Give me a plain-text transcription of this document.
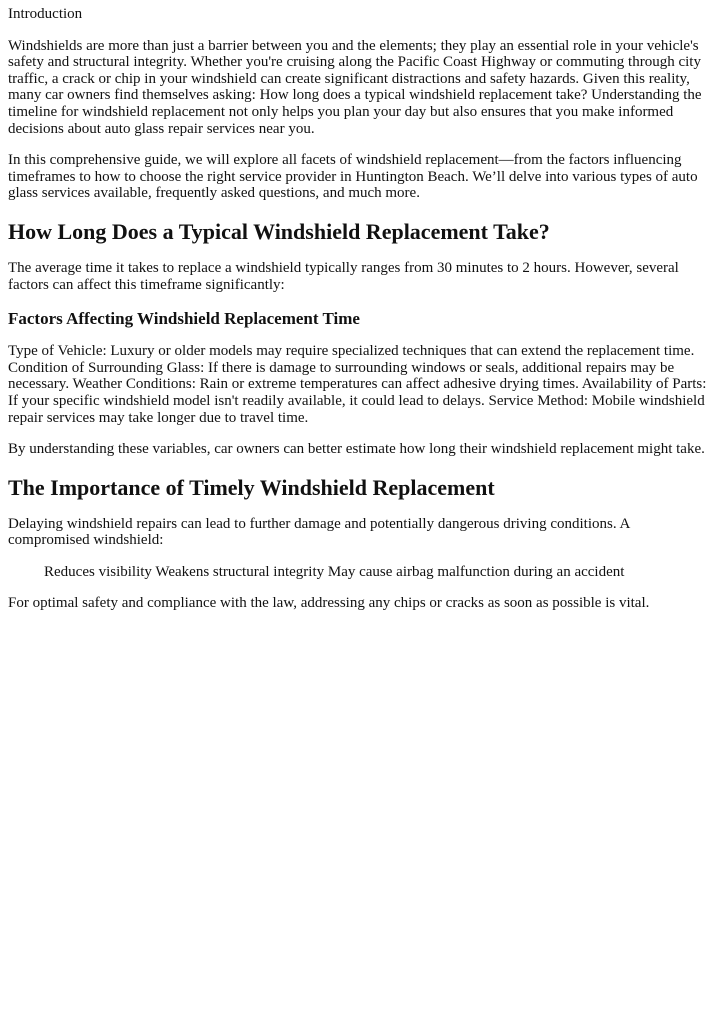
Introduction

Windshields are more than just a barrier between you and the elements; they play an essential role in your vehicle's safety and structural integrity. Whether you're cruising along the Pacific Coast Highway or commuting through city traffic, a crack or chip in your windshield can create significant distractions and safety hazards. Given this reality, many car owners find themselves asking: How long does a typical windshield replacement take? Understanding the timeline for windshield replacement not only helps you plan your day but also ensures that you make informed decisions about auto glass repair services near you.

In this comprehensive guide, we will explore all facets of windshield replacement—from the factors influencing timeframes to how to choose the right service provider in Huntington Beach. We’ll delve into various types of auto glass services available, frequently asked questions, and much more.

How Long Does a Typical Windshield Replacement Take?

The average time it takes to replace a windshield typically ranges from 30 minutes to 2 hours. However, several factors can affect this timeframe significantly:

Factors Affecting Windshield Replacement Time

Type of Vehicle: Luxury or older models may require specialized techniques that can extend the replacement time. Condition of Surrounding Glass: If there is damage to surrounding windows or seals, additional repairs may be necessary. Weather Conditions: Rain or extreme temperatures can affect adhesive drying times. Availability of Parts: If your specific windshield model isn't readily available, it could lead to delays. Service Method: Mobile windshield repair services may take longer due to travel time.

By understanding these variables, car owners can better estimate how long their windshield replacement might take.

The Importance of Timely Windshield Replacement

Delaying windshield repairs can lead to further damage and potentially dangerous driving conditions. A compromised windshield:

Reduces visibility Weakens structural integrity May cause airbag malfunction during an accident

For optimal safety and compliance with the law, addressing any chips or cracks as soon as possible is vital.
